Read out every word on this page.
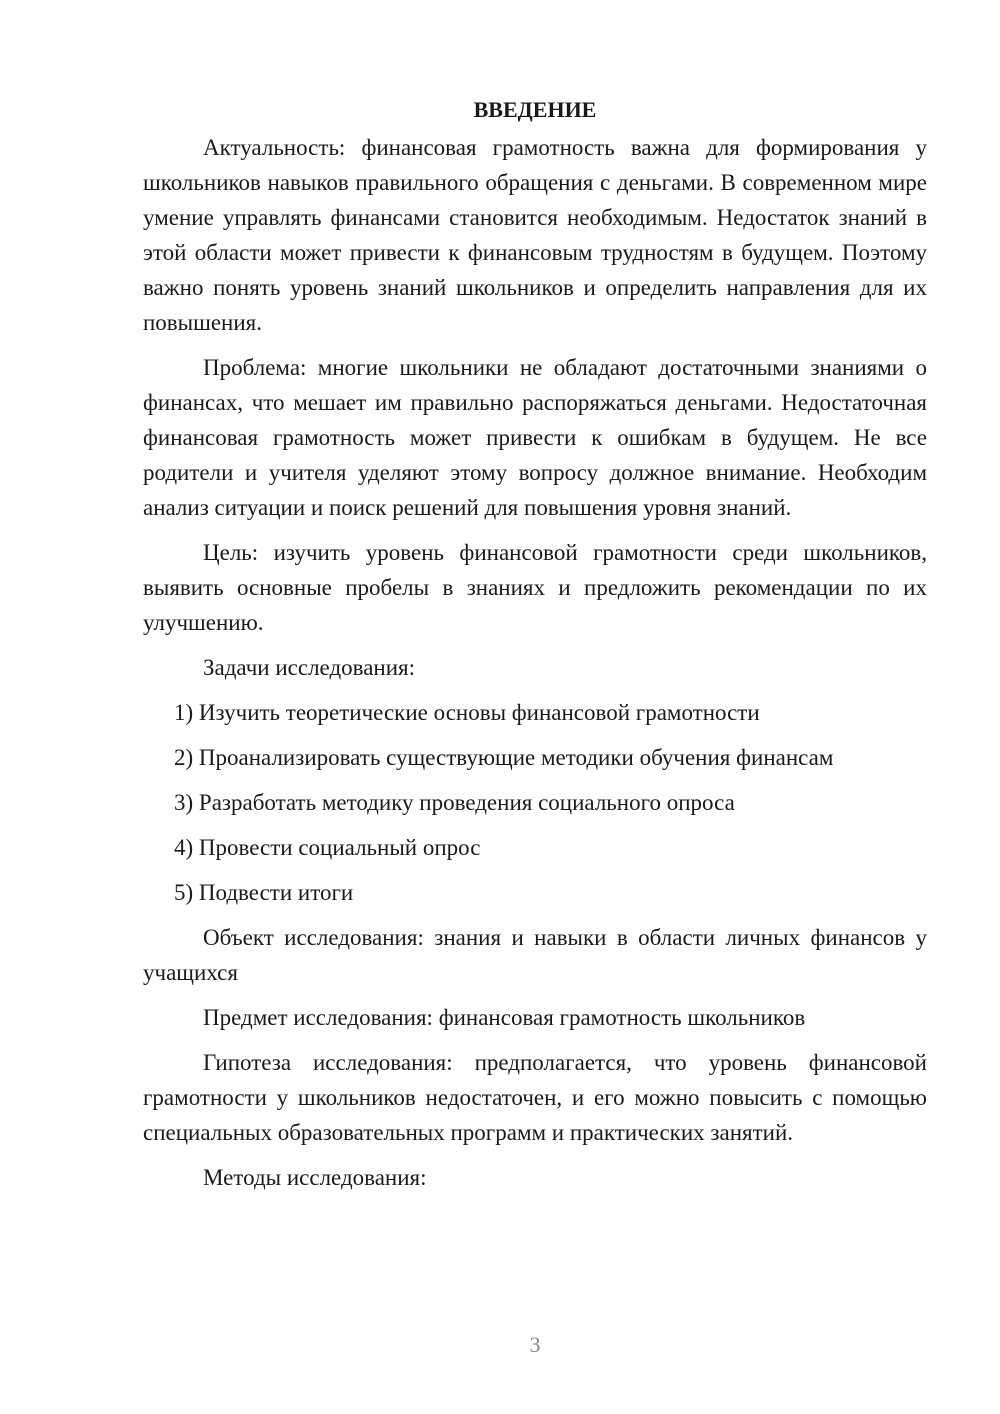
ВВЕДЕНИЕ

Актуальность: финансовая грамотность важна для формирования у школьников навыков правильного обращения с деньгами. В современном мире умение управлять финансами становится необходимым. Недостаток знаний в этой области может привести к финансовым трудностям в будущем. Поэтому важно понять уровень знаний школьников и определить направления для их повышения.

Проблема: многие школьники не обладают достаточными знаниями о финансах, что мешает им правильно распоряжаться деньгами. Недостаточная финансовая грамотность может привести к ошибкам в будущем. Не все родители и учителя уделяют этому вопросу должное внимание. Необходим анализ ситуации и поиск решений для повышения уровня знаний.

Цель: изучить уровень финансовой грамотности среди школьников, выявить основные пробелы в знаниях и предложить рекомендации по их улучшению.

Задачи исследования:

1) Изучить теоретические основы финансовой грамотности
2) Проанализировать существующие методики обучения финансам
3) Разработать методику проведения социального опроса
4) Провести социальный опрос
5) Подвести итоги

Объект исследования: знания и навыки в области личных финансов у учащихся

Предмет исследования: финансовая грамотность школьников

Гипотеза исследования: предполагается, что уровень финансовой грамотности у школьников недостаточен, и его можно повысить с помощью специальных образовательных программ и практических занятий.

Методы исследования:

3
